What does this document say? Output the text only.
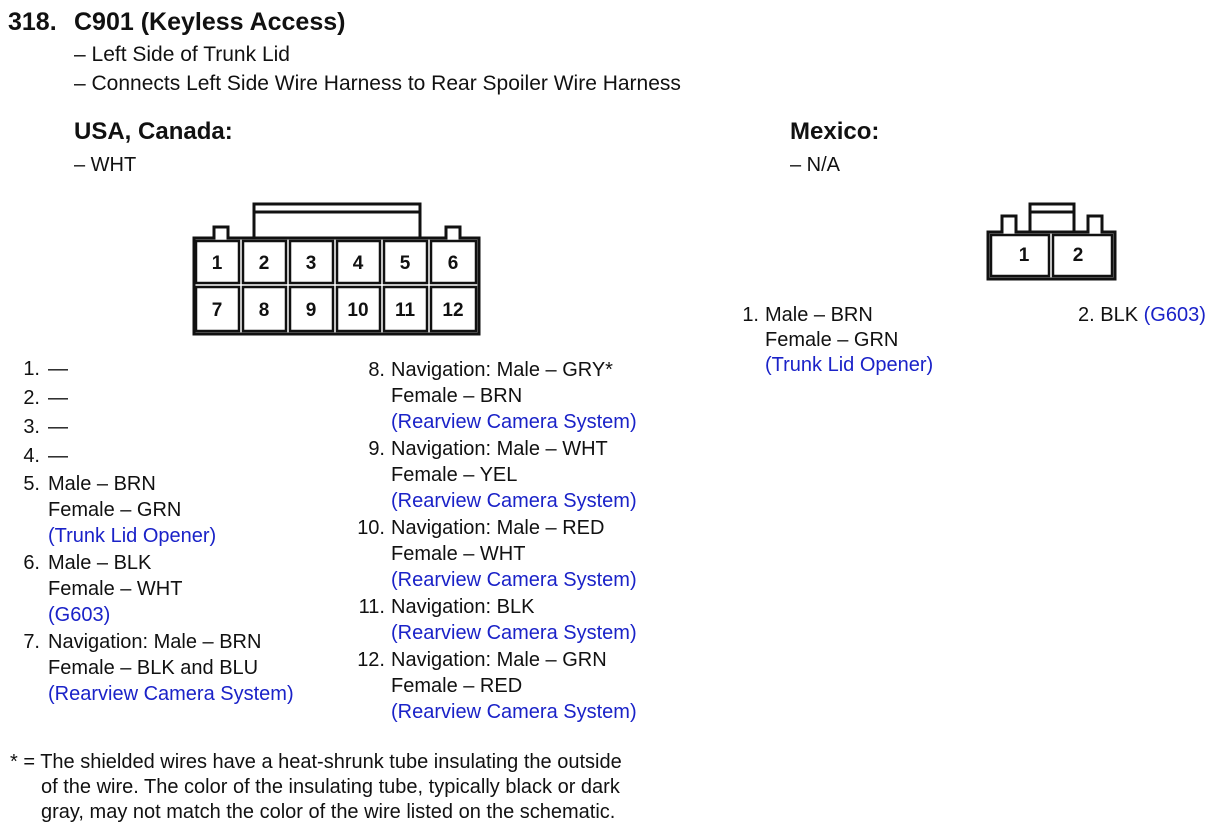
318. C901 (Keyless Access)
– Left Side of Trunk Lid
– Connects Left Side Wire Harness to Rear Spoiler Wire Harness
USA, Canada:
– WHT
1 2 3 4 5 6
7 8 9 10 11 12
1. —
2. —
3. —
4. —
5. Male – BRN
Female – GRN
(Trunk Lid Opener)
6. Male – BLK
Female – WHT
(G603)
7. Navigation: Male – BRN
Female – BLK and BLU
(Rearview Camera System)
8. Navigation: Male – GRY*
Female – BRN
(Rearview Camera System)
9. Navigation: Male – WHT
Female – YEL
(Rearview Camera System)
10. Navigation: Male – RED
Female – WHT
(Rearview Camera System)
11. Navigation: BLK
(Rearview Camera System)
12. Navigation: Male – GRN
Female – RED
(Rearview Camera System)
Mexico:
– N/A
1 2
1. Male – BRN
Female – GRN
(Trunk Lid Opener)
2. BLK (G603)
* = The shielded wires have a heat-shrunk tube insulating the outside
of the wire. The color of the insulating tube, typically black or dark
gray, may not match the color of the wire listed on the schematic.
